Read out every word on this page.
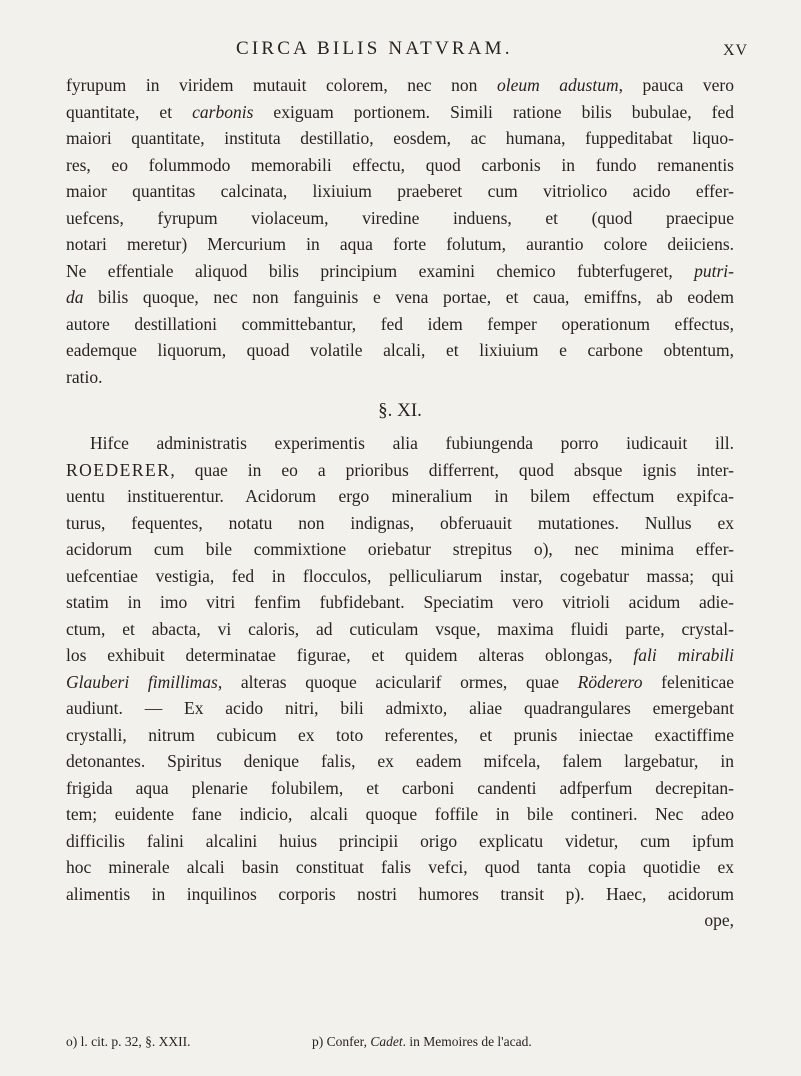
CIRCA BILIS NATVRAM.	XV
fyrupum in viridem mutauit colorem, nec non oleum adustum, pauca vero
quantitate, et carbonis exiguam portionem. Simili ratione bilis bubulae, fed
maiori quantitate, instituta destillatio, eosdem, ac humana, fuppeditabat liquo-
res, eo folummodo memorabili effectu, quod carbonis in fundo remanentis
maior quantitas calcinata, lixiuium praeberet cum vitriolico acido effer-
uefcens, fyrupum violaceum, viredine induens, et (quod praecipue
notari meretur) Mercurium in aqua forte folutum, aurantio colore deiiciens.
Ne effentiale aliquod bilis principium examini chemico fubterfugeret, putri-
da bilis quoque, nec non fanguinis e vena portae, et caua, emiffns, ab eodem
autore destillationi committebantur, fed idem femper operationum effectus,
eademque liquorum, quoad volatile alcali, et lixiuium e carbone obtentum,
ratio.
§. XI.
Hifce administratis experimentis alia fubiungenda porro iudicauit ill.
ROEDERER, quae in eo a prioribus differrent, quod absque ignis inter-
uentu instituerentur. Acidorum ergo mineralium in bilem effectum expifca-
turus, fequentes, notatu non indignas, obferuauit mutationes. Nullus ex
acidorum cum bile commixtione oriebatur strepitus o), nec minima effer-
uefcentiae vestigia, fed in flocculos, pelliculiarum instar, cogebatur massa; qui
statim in imo vitri fenfim fubfidebant. Speciatim vero vitrioli acidum adie-
ctum, et abacta, vi caloris, ad cuticulam vsque, maxima fluidi parte, crystal-
los exhibuit determinatae figurae, et quidem alteras oblongas, fali mirabili
Glauberi fimillimas, alteras quoque acicularif ormes, quae Röderero feleniticae
audiunt. — Ex acido nitri, bili admixto, aliae quadrangulares emergebant
crystalli, nitrum cubicum ex toto referentes, et prunis iniectae exactiffime
detonantes. Spiritus denique falis, ex eadem mifcela, falem largebatur, in
frigida aqua plenarie folubilem, et carboni candenti adfperfum decrepitan-
tem; euidente fane indicio, alcali quoque foffile in bile contineri. Nec adeo
difficilis falini alcalini huius principii origo explicatu videtur, cum ipfum
hoc minerale alcali basin constituat falis vefci, quod tanta copia quotidie ex
alimentis in inquilinos corporis nostri humores transit p). Haec, acidorum
ope,
o) l. cit. p. 32, §. XXII.	p) Confer, Cadet. in Memoires de l'acad.
